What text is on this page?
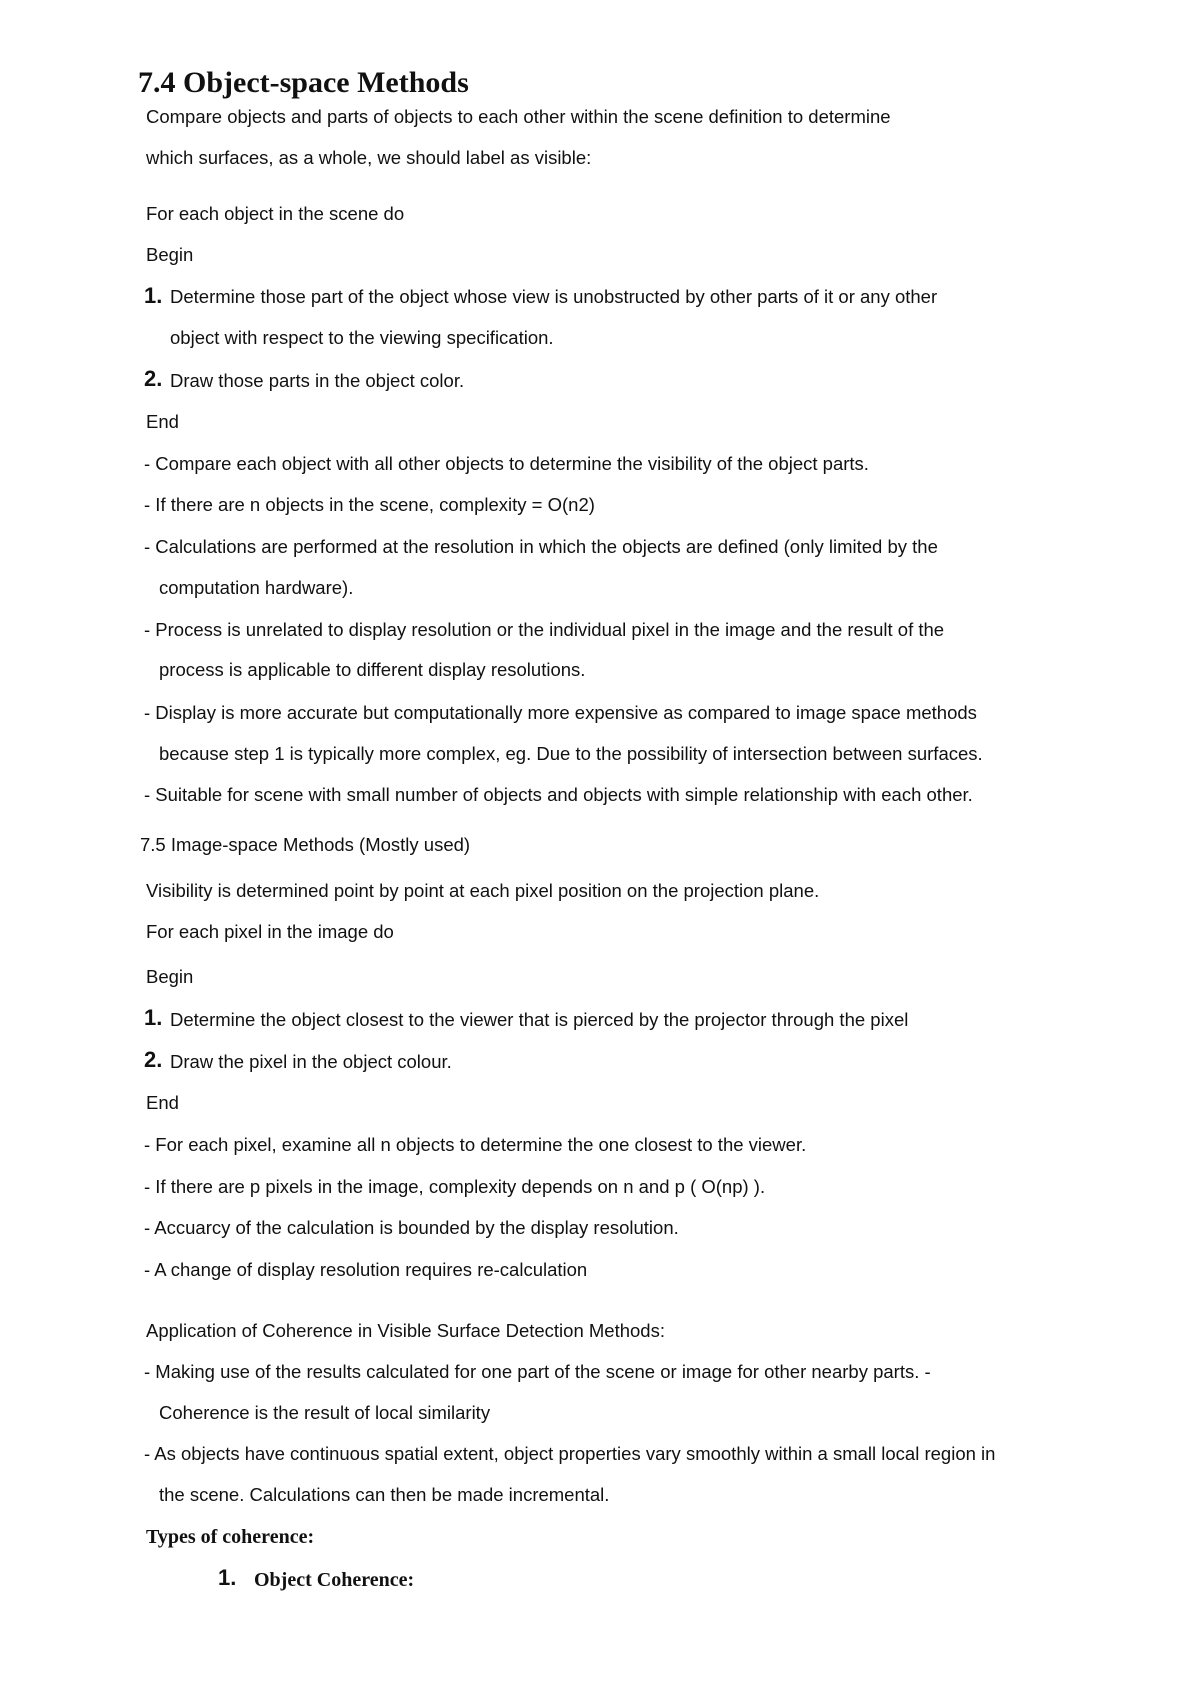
7.4 Object-space Methods
Compare objects and parts of objects to each other within the scene definition to determine
which surfaces, as a whole, we should label as visible:
For each object in the scene do
Begin
1. Determine those part of the object whose view is unobstructed by other parts of it or any other
object with respect to the viewing specification.
2. Draw those parts in the object color.
End
- Compare each object with all other objects to determine the visibility of the object parts.
- If there are n objects in the scene, complexity = O(n2)
- Calculations are performed at the resolution in which the objects are defined (only limited by the
computation hardware).
- Process is unrelated to display resolution or the individual pixel in the image and the result of the
process is applicable to different display resolutions.
- Display is more accurate but computationally more expensive as compared to image space methods
because step 1 is typically more complex, eg. Due to the possibility of intersection between surfaces.
- Suitable for scene with small number of objects and objects with simple relationship with each other.
7.5 Image-space Methods (Mostly used)
Visibility is determined point by point at each pixel position on the projection plane.
For each pixel in the image do
Begin
1. Determine the object closest to the viewer that is pierced by the projector through the pixel
2. Draw the pixel in the object colour.
End
- For each pixel, examine all n objects to determine the one closest to the viewer.
- If there are p pixels in the image, complexity depends on n and p ( O(np) ).
- Accuarcy of the calculation is bounded by the display resolution.
- A change of display resolution requires re-calculation
Application of Coherence in Visible Surface Detection Methods:
- Making use of the results calculated for one part of the scene or image for other nearby parts. -
Coherence is the result of local similarity
- As objects have continuous spatial extent, object properties vary smoothly within a small local region in
the scene. Calculations can then be made incremental.
Types of coherence:
1. Object Coherence:
